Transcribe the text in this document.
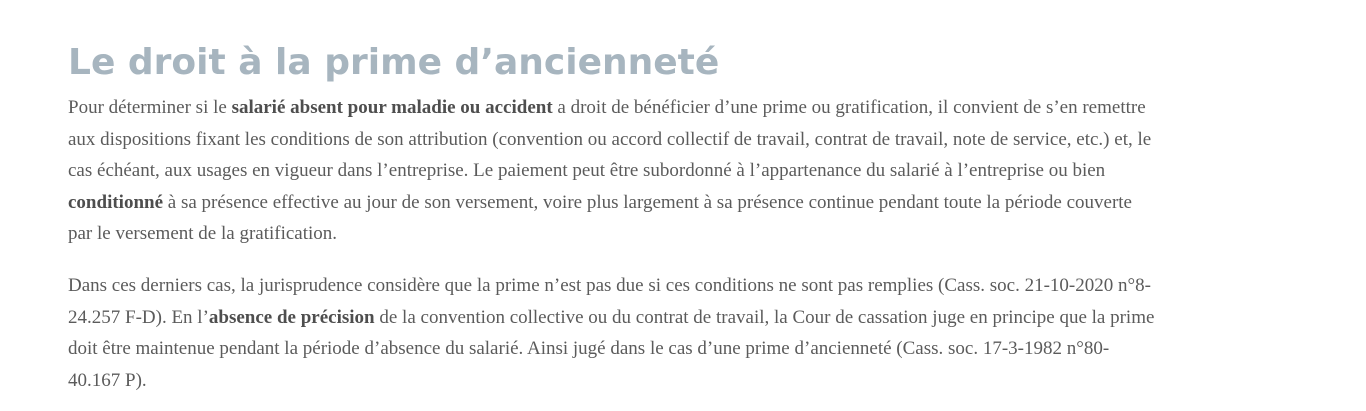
Le droit à la prime d’ancienneté

Pour déterminer si le salarié absent pour maladie ou accident a droit de bénéficier d’une prime ou gratification, il convient de s’en remettre aux dispositions fixant les conditions de son attribution (convention ou accord collectif de travail, contrat de travail, note de service, etc.) et, le cas échéant, aux usages en vigueur dans l’entreprise. Le paiement peut être subordonné à l’appartenance du salarié à l’entreprise ou bien conditionné à sa présence effective au jour de son versement, voire plus largement à sa présence continue pendant toute la période couverte par le versement de la gratification.

Dans ces derniers cas, la jurisprudence considère que la prime n’est pas due si ces conditions ne sont pas remplies (Cass. soc. 21-10-2020 n°8-24.257 F-D). En l’absence de précision de la convention collective ou du contrat de travail, la Cour de cassation juge en principe que la prime doit être maintenue pendant la période d’absence du salarié. Ainsi jugé dans le cas d’une prime d’ancienneté (Cass. soc. 17-3-1982 n°80-40.167 P).
